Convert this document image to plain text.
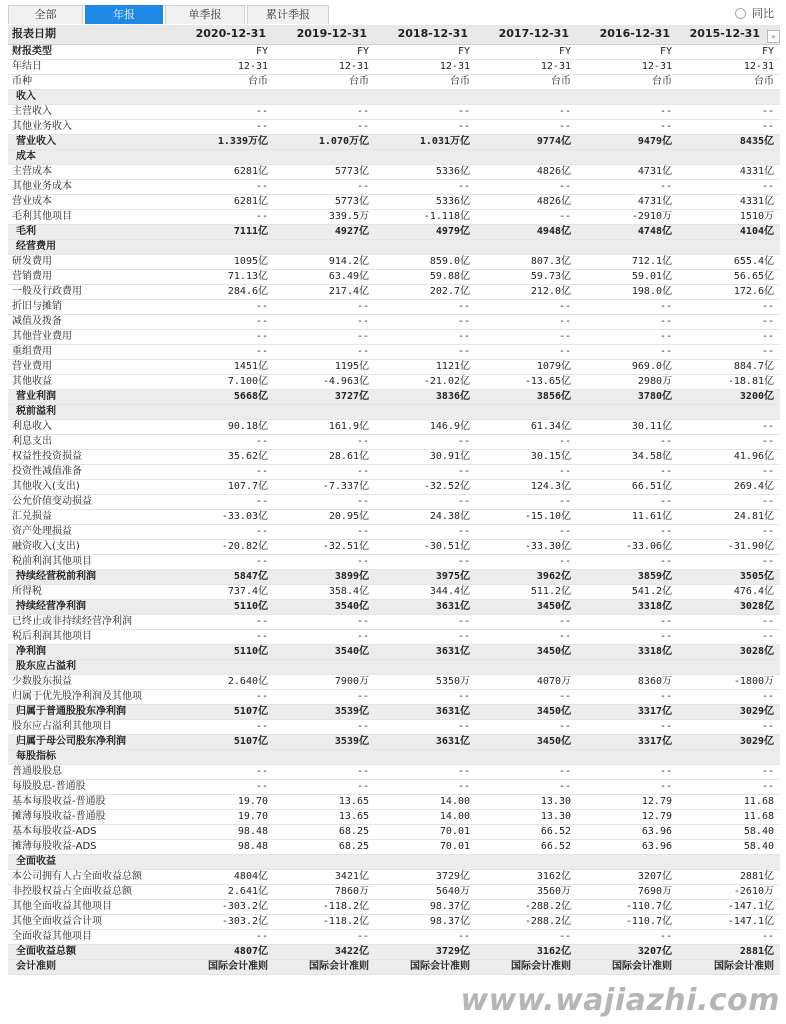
全部	年报	单季报	累计季报	同比
报表日期	2020-12-31	2019-12-31	2018-12-31	2017-12-31	2016-12-31	2015-12-31
财报类型	FY	FY	FY	FY	FY	FY
年结日	12-31	12-31	12-31	12-31	12-31	12-31
币种	台币	台币	台币	台币	台币	台币
收入						
主营收入	--	--	--	--	--	--
其他业务收入	--	--	--	--	--	--
营业收入	1.339万亿	1.070万亿	1.031万亿	9774亿	9479亿	8435亿
成本						
主营成本	6281亿	5773亿	5336亿	4826亿	4731亿	4331亿
其他业务成本	--	--	--	--	--	--
营业成本	6281亿	5773亿	5336亿	4826亿	4731亿	4331亿
毛利其他项目	--	339.5万	-1.118亿	--	-2910万	1510万
毛利	7111亿	4927亿	4979亿	4948亿	4748亿	4104亿
经营费用						
研发费用	1095亿	914.2亿	859.0亿	807.3亿	712.1亿	655.4亿
营销费用	71.13亿	63.49亿	59.88亿	59.73亿	59.01亿	56.65亿
一般及行政费用	284.6亿	217.4亿	202.7亿	212.0亿	198.0亿	172.6亿
折旧与摊销	--	--	--	--	--	--
减值及拨备	--	--	--	--	--	--
其他营业费用	--	--	--	--	--	--
重组费用	--	--	--	--	--	--
营业费用	1451亿	1195亿	1121亿	1079亿	969.0亿	884.7亿
其他收益	7.100亿	-4.963亿	-21.02亿	-13.65亿	2980万	-18.81亿
营业利润	5668亿	3727亿	3836亿	3856亿	3780亿	3200亿
税前溢利						
利息收入	90.18亿	161.9亿	146.9亿	61.34亿	30.11亿	--
利息支出	--	--	--	--	--	--
权益性投资损益	35.62亿	28.61亿	30.91亿	30.15亿	34.58亿	41.96亿
投资性减值准备	--	--	--	--	--	--
其他收入(支出)	107.7亿	-7.337亿	-32.52亿	124.3亿	66.51亿	269.4亿
公允价值变动损益	--	--	--	--	--	--
汇兑损益	-33.03亿	20.95亿	24.38亿	-15.10亿	11.61亿	24.81亿
资产处理损益	--	--	--	--	--	--
融资收入(支出)	-20.82亿	-32.51亿	-30.51亿	-33.30亿	-33.06亿	-31.90亿
税前利润其他项目	--	--	--	--	--	--
持续经营税前利润	5847亿	3899亿	3975亿	3962亿	3859亿	3505亿
所得税	737.4亿	358.4亿	344.4亿	511.2亿	541.2亿	476.4亿
持续经营净利润	5110亿	3540亿	3631亿	3450亿	3318亿	3028亿
已终止或非持续经营净利润	--	--	--	--	--	--
税后利润其他项目	--	--	--	--	--	--
净利润	5110亿	3540亿	3631亿	3450亿	3318亿	3028亿
股东应占溢利						
少数股东损益	2.640亿	7900万	5350万	4070万	8360万	-1800万
归属于优先股净利润及其他项	--	--	--	--	--	--
归属于普通股股东净利润	5107亿	3539亿	3631亿	3450亿	3317亿	3029亿
股东应占溢利其他项目	--	--	--	--	--	--
归属于母公司股东净利润	5107亿	3539亿	3631亿	3450亿	3317亿	3029亿
每股指标						
普通股股息	--	--	--	--	--	--
每股股息-普通股	--	--	--	--	--	--
基本每股收益-普通股	19.70	13.65	14.00	13.30	12.79	11.68
摊薄每股收益-普通股	19.70	13.65	14.00	13.30	12.79	11.68
基本每股收益-ADS	98.48	68.25	70.01	66.52	63.96	58.40
摊薄每股收益-ADS	98.48	68.25	70.01	66.52	63.96	58.40
全面收益						
本公司拥有人占全面收益总额	4804亿	3421亿	3729亿	3162亿	3207亿	2881亿
非控股权益占全面收益总额	2.641亿	7860万	5640万	3560万	7690万	-2610万
其他全面收益其他项目	-303.2亿	-118.2亿	98.37亿	-288.2亿	-110.7亿	-147.1亿
其他全面收益合计项	-303.2亿	-118.2亿	98.37亿	-288.2亿	-110.7亿	-147.1亿
全面收益其他项目	--	--	--	--	--	--
全面收益总额	4807亿	3422亿	3729亿	3162亿	3207亿	2881亿
会计准则	国际会计准则	国际会计准则	国际会计准则	国际会计准则	国际会计准则	国际会计准则
»
www.wajiazhi.com
